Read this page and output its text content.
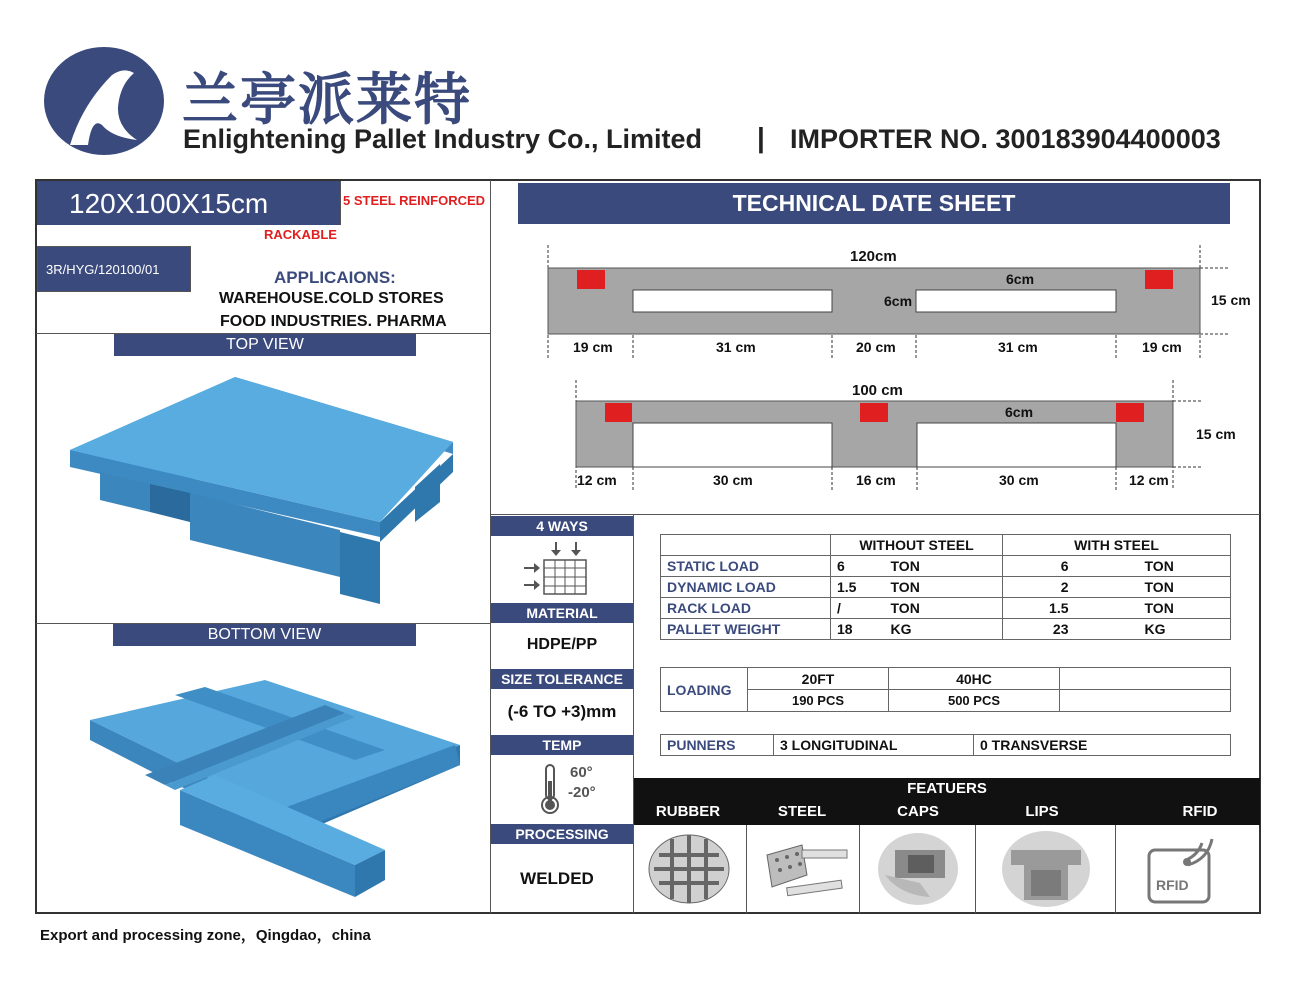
兰亭派莱特
Enlightening Pallet Industry Co., Limited | IMPORTER NO. 300183904400003
120X100X15cm	5 STEEL REINFORCED
RACKABLE
3R/HYG/120100/01	APPLICAIONS:
WAREHOUSE.COLD STORES
FOOD INDUSTRIES. PHARMA
TOP VIEW
BOTTOM VIEW
TECHNICAL DATE SHEET
120cm
6cm
6cm	15 cm
19 cm	31 cm	20 cm	31 cm	19 cm
100 cm
6cm
15 cm
12 cm	30 cm	16 cm	30 cm	12 cm
4 WAYS
MATERIAL
HDPE/PP
SIZE TOLERANCE
(-6 TO +3)mm
TEMP
60°
-20°
PROCESSING
WELDED
	WITHOUT STEEL		WITH STEEL	
STATIC LOAD	6	TON	6	TON
DYNAMIC LOAD	1.5	TON	2	TON
RACK LOAD	/	TON	1.5	TON
PALLET WEIGHT	18	KG	23	KG
LOADING	20FT	40HC	
	190 PCS	500 PCS	
PUNNERS	3 LONGITUDINAL	0 TRANSVERSE
FEATUERS
RUBBER	STEEL	CAPS	LIPS	RFID
RFID
Export and processing zone，Qingdao，china
